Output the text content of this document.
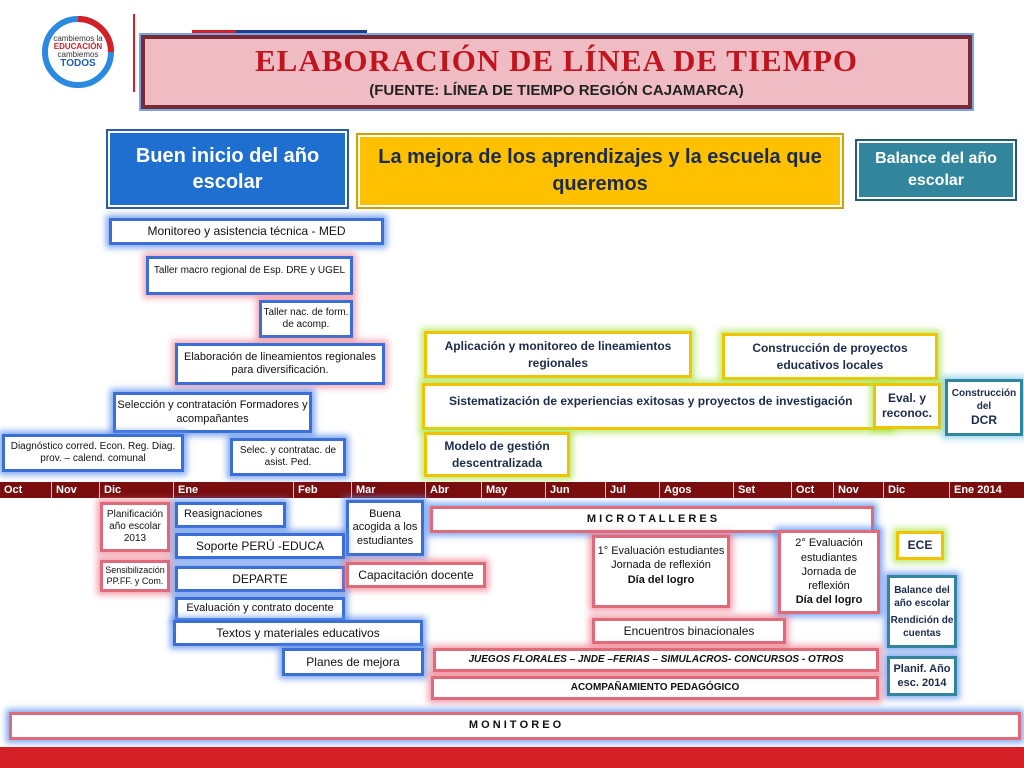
cambiemos la
EDUCACIÓN
cambiemos
TODOS	ELABORACIÓN DE LÍNEA DE TIEMPO
(FUENTE: LÍNEA DE TIEMPO REGIÓN CAJAMARCA)
Buen inicio del año escolar
La mejora de los aprendizajes y la escuela que queremos
Balance del año escolar
Monitoreo y asistencia técnica - MED
Taller macro regional de Esp. DRE y UGEL
Taller nac. de form. de acomp.
Elaboración de lineamientos regionales para diversificación.
Selección y contratación Formadores y acompañantes
Diagnóstico corred. Econ. Reg. Diag. prov. – calend. comunal
Selec. y contratac. de asist. Ped.
Aplicación y monitoreo de lineamientos regionales
Construcción de proyectos educativos locales
Sistematización de experiencias exitosas y proyectos de investigación	Eval. y reconoc.
Construcción del
DCR
Modelo de gestión descentralizada
Oct	Nov	Dic	Ene	Feb	Mar	Abr	May	Jun	Jul	Agos	Set	Oct	Nov	Dic	Ene 2014
Planificación año escolar 2013
Sensibilización PP.FF. y Com.
Reasignaciones	Buena acogida a los estudiantes
M I C R O T A L L E R E S
Soporte PERÚ -EDUCA	1° Evaluación estudiantes
Jornada de reflexión
Día del logro
2° Evaluación estudiantes
Jornada de reflexión
Día del logro
ECE
DEPARTE	Capacitación docente
Evaluación y contrato docente
Balance del año escolar
Rendición de cuentas
Textos y materiales educativos	Encuentros binacionales
Planes de mejora	JUEGOS FLORALES – JNDE –FERIAS – SIMULACROS- CONCURSOS - OTROS
Planif. Año esc. 2014
ACOMPAÑAMIENTO PEDAGÓGICO
M O N I T O R E O
